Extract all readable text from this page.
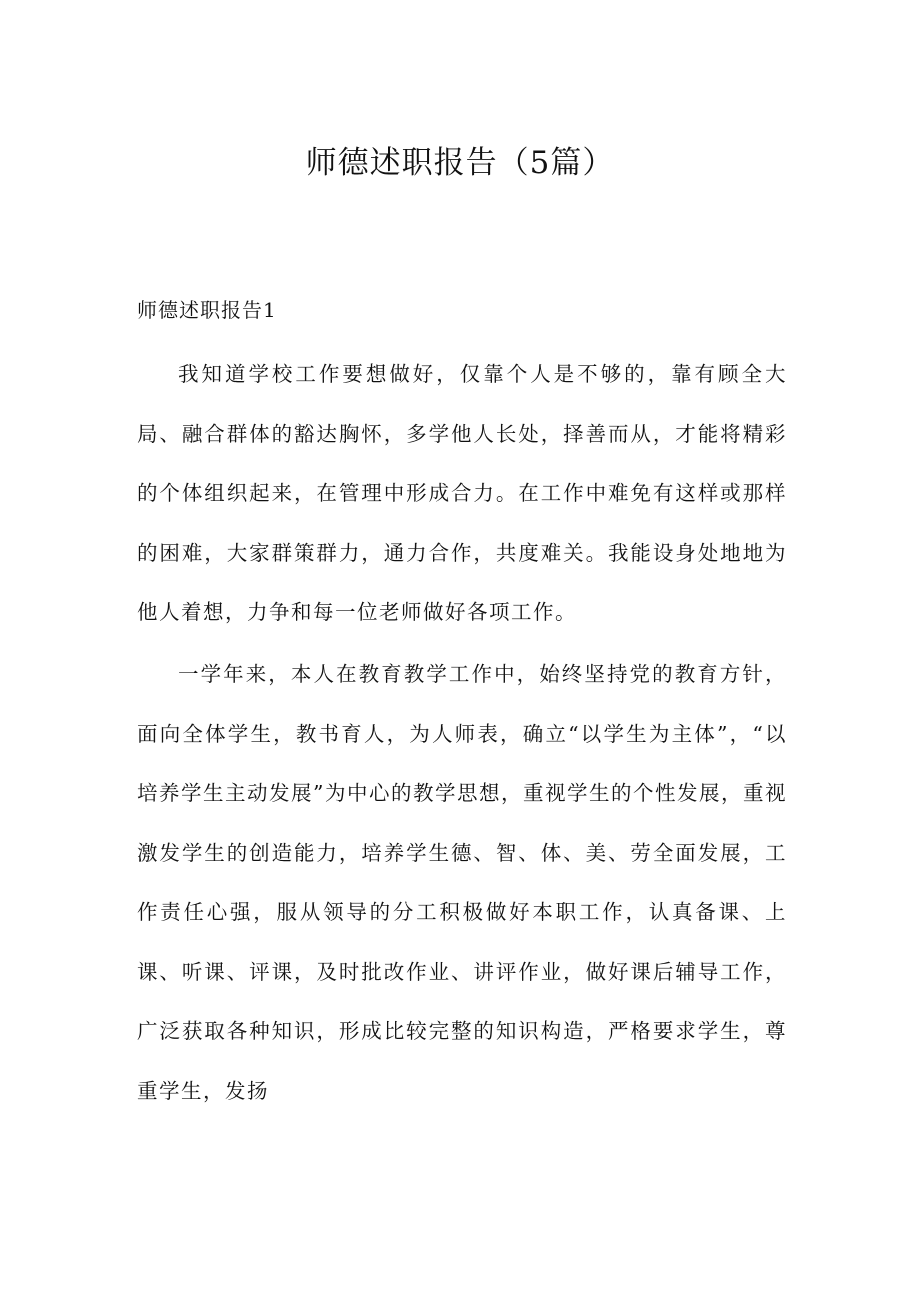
师德述职报告（5篇）
师德述职报告1

我知道学校工作要想做好，仅靠个人是不够的，靠有顾全大局、融合群体的豁达胸怀，多学他人长处，择善而从，才能将精彩的个体组织起来，在管理中形成合力。在工作中难免有这样或那样的困难，大家群策群力，通力合作，共度难关。我能设身处地地为他人着想，力争和每一位老师做好各项工作。

一学年来，本人在教育教学工作中，始终坚持党的教育方针，面向全体学生，教书育人，为人师表，确立“以学生为主体”，“以培养学生主动发展”为中心的教学思想，重视学生的个性发展，重视激发学生的创造能力，培养学生德、智、体、美、劳全面发展，工作责任心强，服从领导的分工积极做好本职工作，认真备课、上课、听课、评课，及时批改作业、讲评作业，做好课后辅导工作，广泛获取各种知识，形成比较完整的知识构造，严格要求学生，尊重学生，发扬
